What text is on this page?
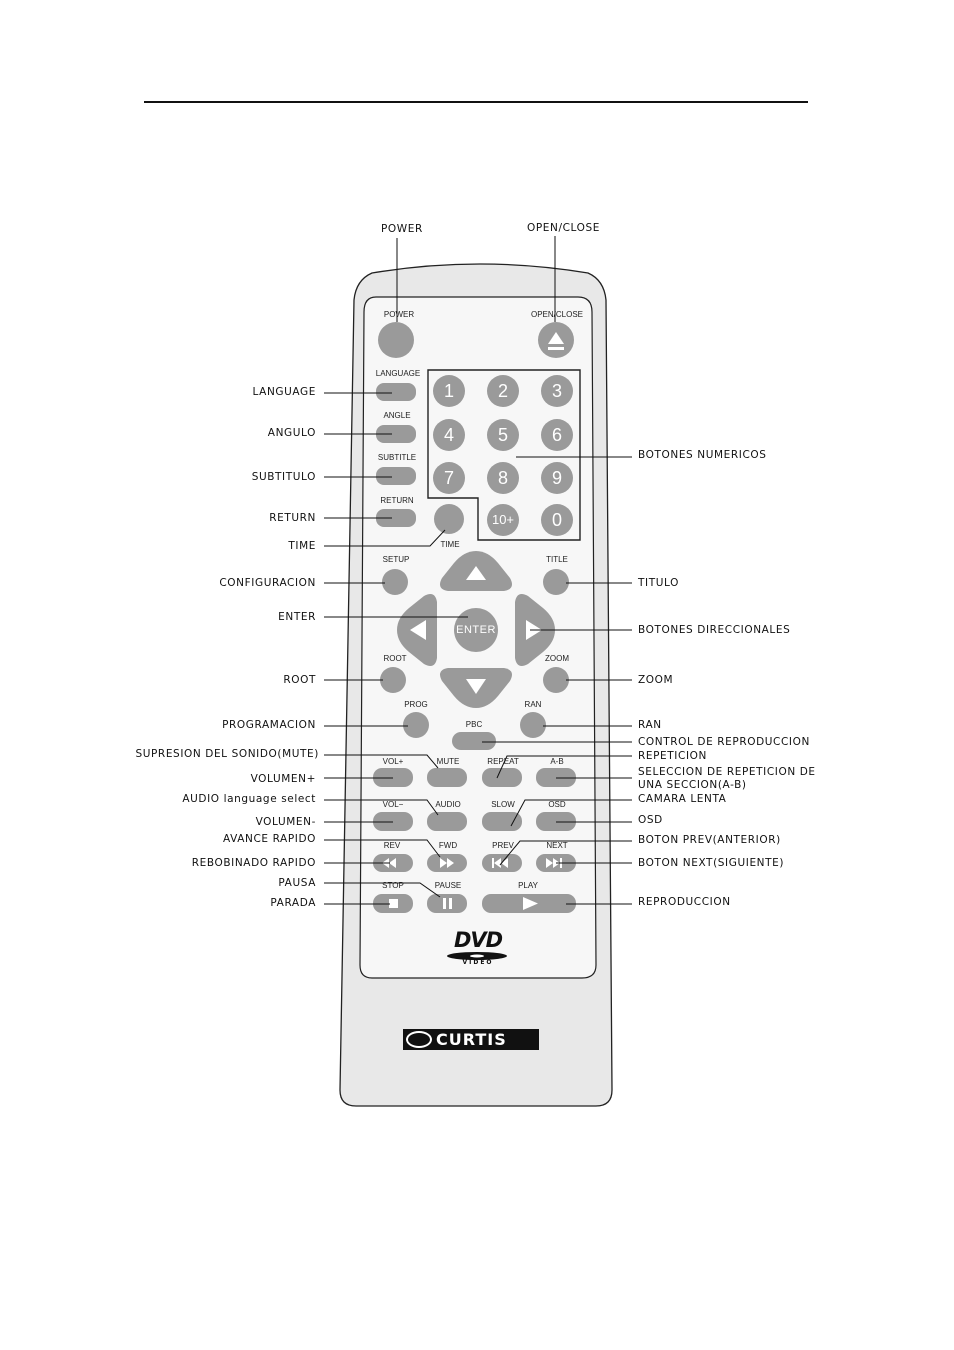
POWER	OPEN/CLOSE
LANGUAGE
ANGULO
SUBTITULO
RETURN
TIME
CONFIGURACION
ENTER
ROOT
PROGRAMACION
SUPRESION DEL SONIDO(MUTE)
VOLUMEN+
AUDIO language select
VOLUMEN-
AVANCE RAPIDO
REBOBINADO RAPIDO
PAUSA
PARADA
BOTONES NUMERICOS
TITULO
BOTONES DIRECCIONALES
ZOOM
RAN
CONTROL DE REPRODUCCION
REPETICION
SELECCION DE REPETICION DE
UNA SECCION(A-B)
CAMARA LENTA
OSD
BOTON PREV(ANTERIOR)
BOTON NEXT(SIGUIENTE)
REPRODUCCION
POWER	OPEN/CLOSE
LANGUAGE
ANGLE
SUBTITLE
RETURN
TIME
SETUP	TITLE
ROOT	ZOOM
PROG	RAN
PBC
VOL+	MUTE	REPEAT	A-B
VOL−	AUDIO	SLOW	OSD
REV	FWD	PREV	NEXT
STOP	PAUSE	PLAY
1 2 3
4 5 6
7 8 9
10+ 0
ENTER
DVD
VIDEO
CURTIS
